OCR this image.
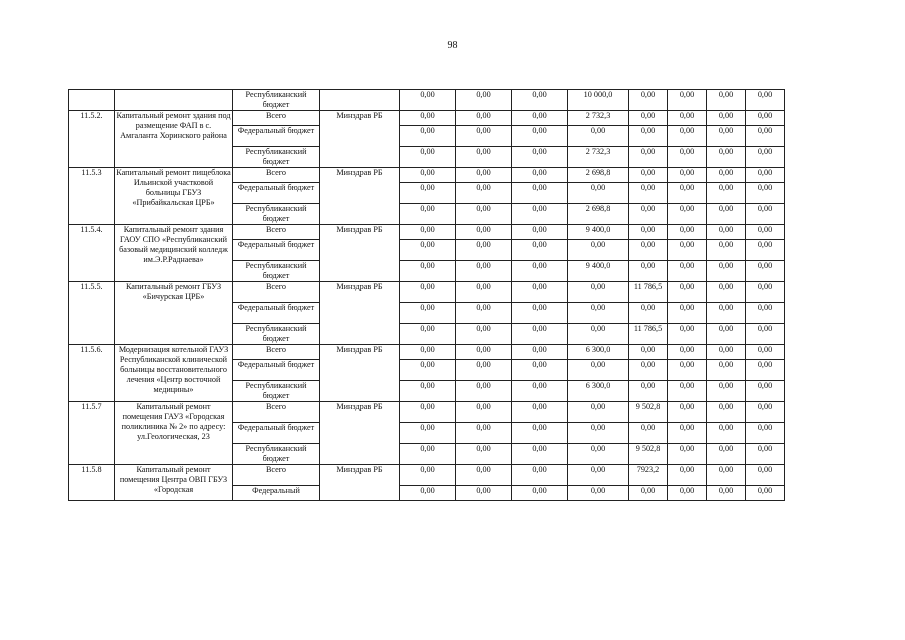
98
		Республиканский бюджет		0,00	0,00	0,00	10 000,0	0,00	0,00	0,00	0,00
11.5.2.	Капитальный ремонт здания под размещение ФАП в с. Амгаланта Хоринского района	Всего	Минздрав РБ	0,00	0,00	0,00	2 732,3	0,00	0,00	0,00	0,00
		Федеральный бюджет		0,00	0,00	0,00	0,00	0,00	0,00	0,00	0,00
		Республиканский бюджет		0,00	0,00	0,00	2 732,3	0,00	0,00	0,00	0,00
11.5.3	Капитальный ремонт пищеблока Ильинской участковой больницы ГБУЗ «Прибайкальская ЦРБ»	Всего	Минздрав РБ	0,00	0,00	0,00	2 698,8	0,00	0,00	0,00	0,00
		Федеральный бюджет		0,00	0,00	0,00	0,00	0,00	0,00	0,00	0,00
		Республиканский бюджет		0,00	0,00	0,00	2 698,8	0,00	0,00	0,00	0,00
11.5.4.	Капитальный ремонт здания ГАОУ СПО «Республиканский базовый медицинский колледж им.Э.Р.Раднаева»	Всего	Минздрав РБ	0,00	0,00	0,00	9 400,0	0,00	0,00	0,00	0,00
		Федеральный бюджет		0,00	0,00	0,00	0,00	0,00	0,00	0,00	0,00
		Республиканский бюджет		0,00	0,00	0,00	9 400,0	0,00	0,00	0,00	0,00
11.5.5.	Капитальный ремонт ГБУЗ «Бичурская ЦРБ»	Всего	Минздрав РБ	0,00	0,00	0,00	0,00	11 786,5	0,00	0,00	0,00
		Федеральный бюджет		0,00	0,00	0,00	0,00	0,00	0,00	0,00	0,00
		Республиканский бюджет		0,00	0,00	0,00	0,00	11 786,5	0,00	0,00	0,00
11.5.6.	Модернизация котельной ГАУЗ Республиканской клинической больницы восстановительного лечения «Центр восточной медицины»	Всего	Минздрав РБ	0,00	0,00	0,00	6 300,0	0,00	0,00	0,00	0,00
		Федеральный бюджет		0,00	0,00	0,00	0,00	0,00	0,00	0,00	0,00
		Республиканский бюджет		0,00	0,00	0,00	6 300,0	0,00	0,00	0,00	0,00
11.5.7	Капитальный ремонт помещения ГАУЗ «Городская поликлиника № 2» по адресу: ул.Геологическая, 23	Всего	Минздрав РБ	0,00	0,00	0,00	0,00	9 502,8	0,00	0,00	0,00
		Федеральный бюджет		0,00	0,00	0,00	0,00	0,00	0,00	0,00	0,00
		Республиканский бюджет		0,00	0,00	0,00	0,00	9 502,8	0,00	0,00	0,00
11.5.8	Капитальный ремонт помещения Центра ОВП ГБУЗ «Городская	Всего	Минздрав РБ	0,00	0,00	0,00	0,00	7923,2	0,00	0,00	0,00
		Федеральный		0,00	0,00	0,00	0,00	0,00	0,00	0,00	0,00
